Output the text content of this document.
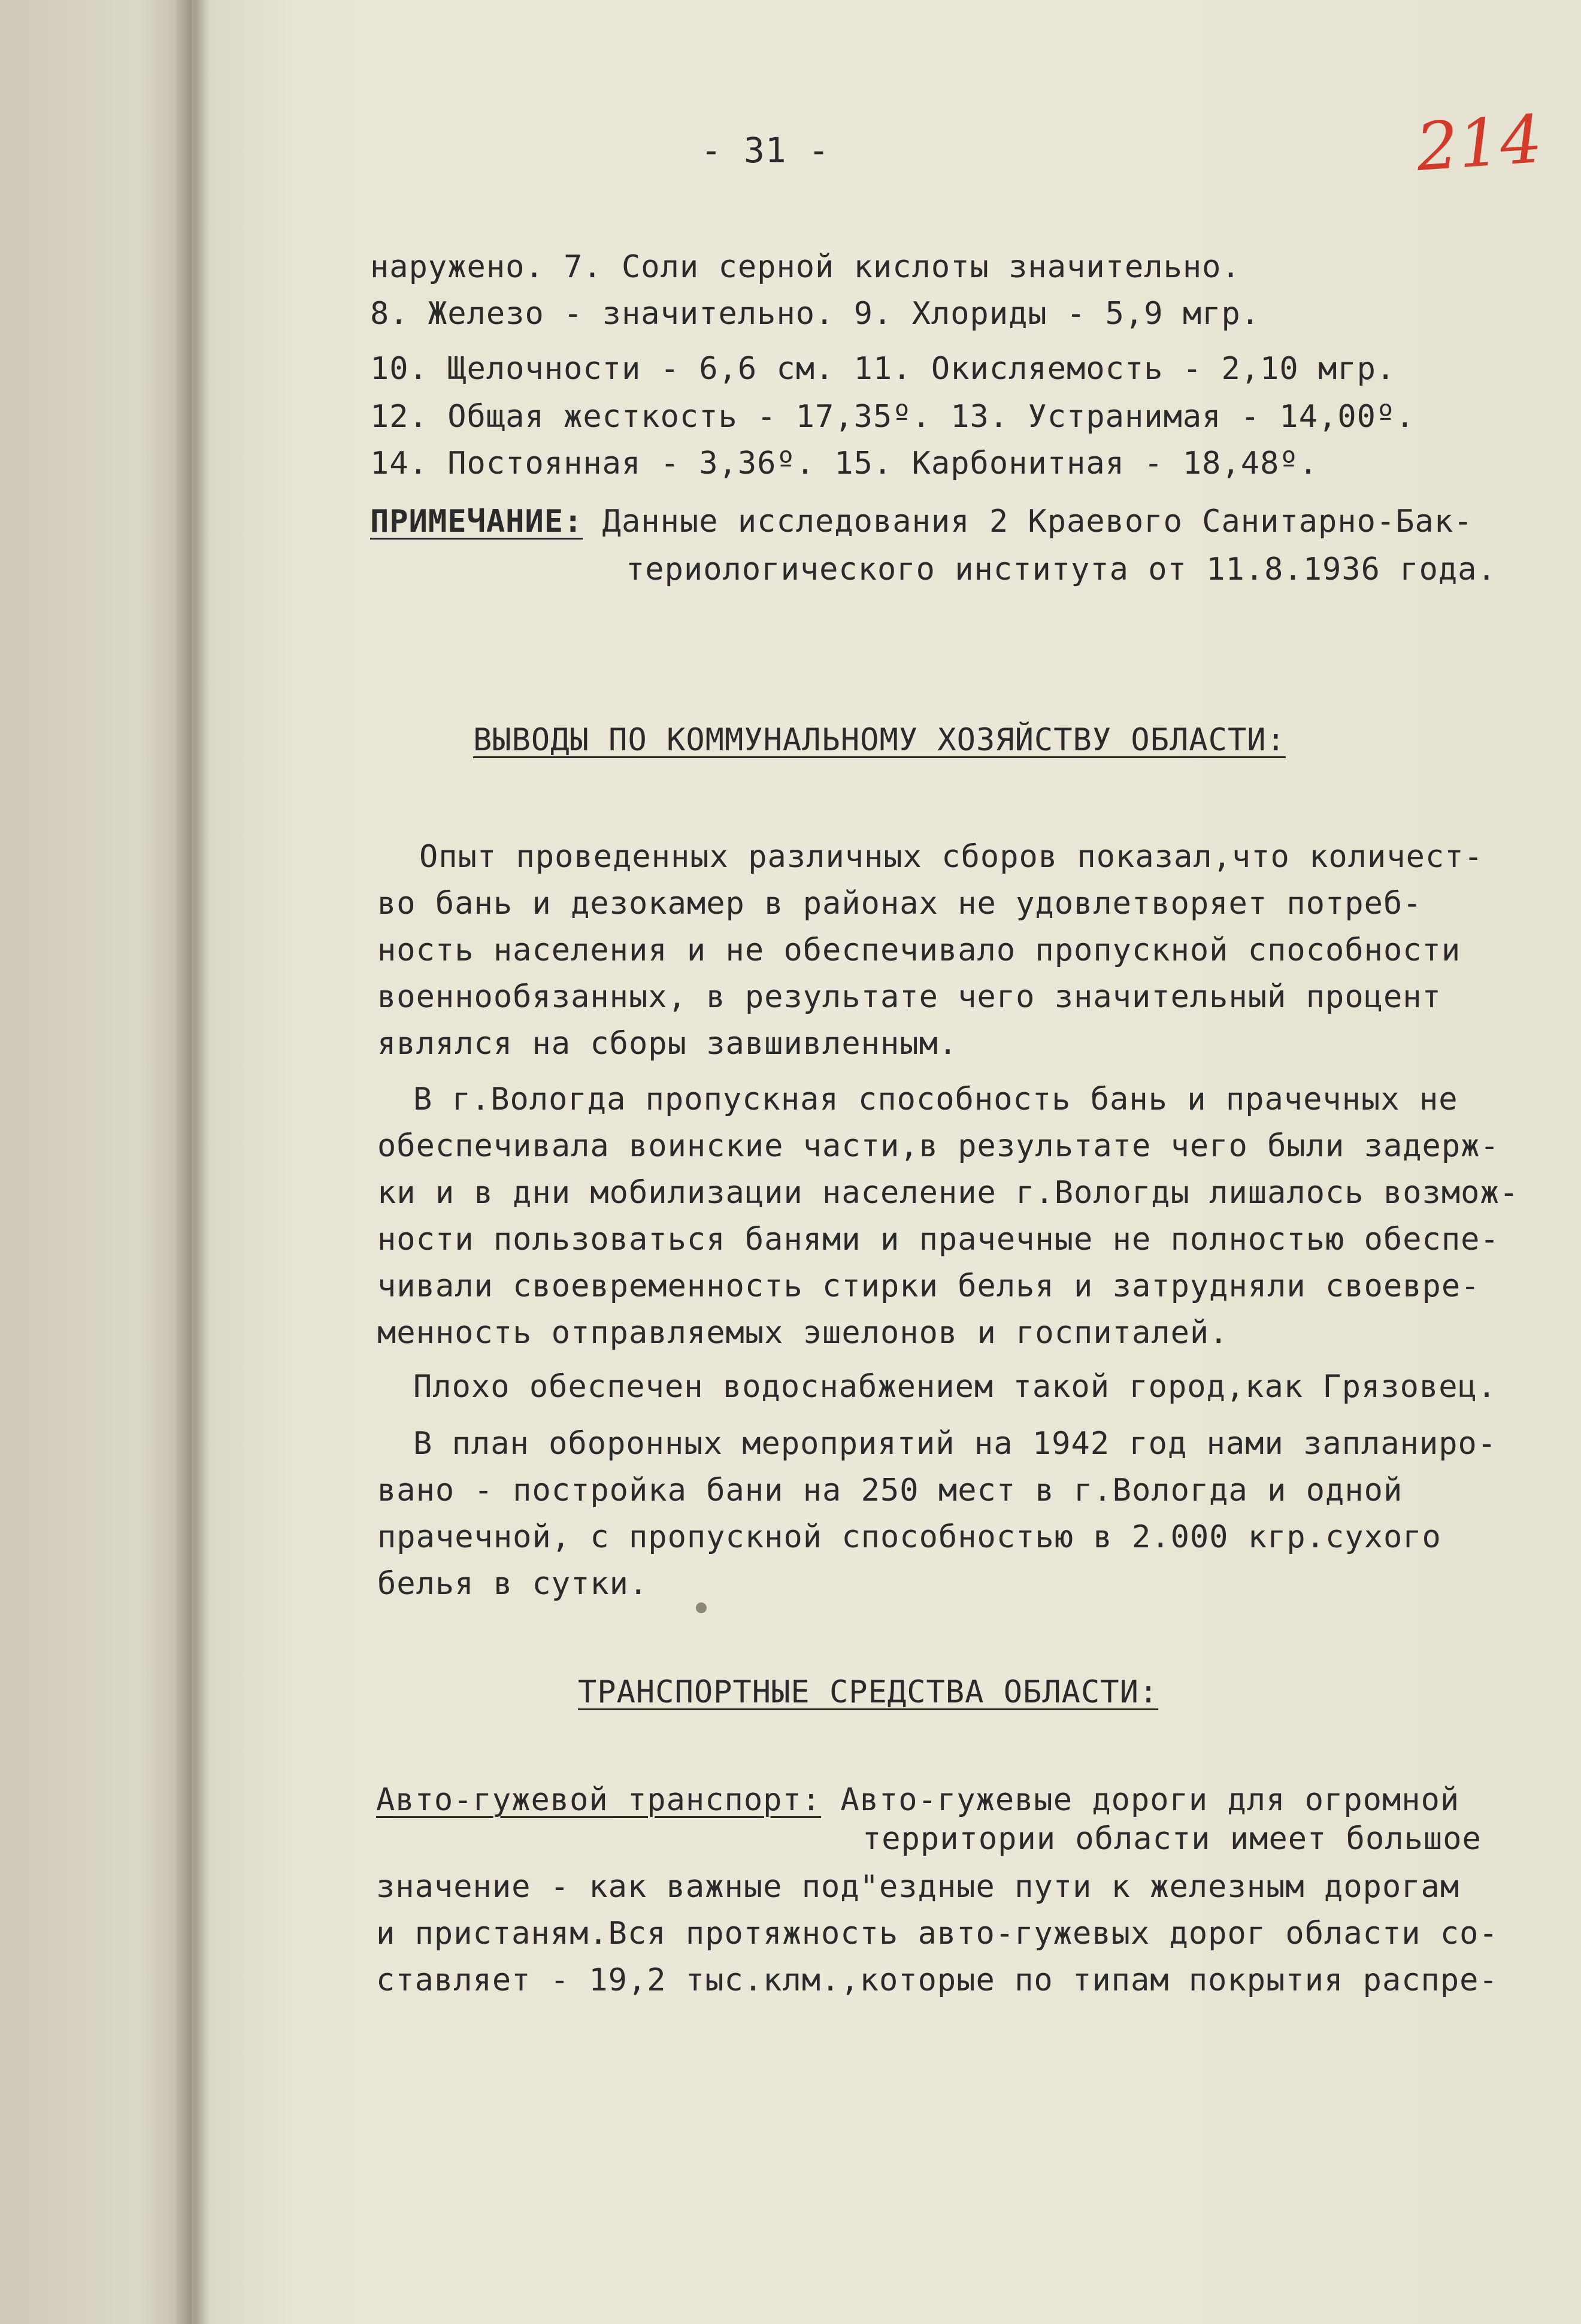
- 31 -	214
наружено. 7. Соли серной кислоты значительно.
8. Железо - значительно. 9. Хлориды - 5,9 мгр.
10. Щелочности - 6,6 см. 11. Окисляемость - 2,10 мгр.
12. Общая жесткость - 17,35º. 13. Устранимая - 14,00º.
14. Постоянная - 3,36º. 15. Карбонитная - 18,48º.
ПРИМЕЧАНИЕ: Данные исследования 2 Краевого Санитарно-Бак-
териологического института от 11.8.1936 года.
ВЫВОДЫ ПО КОММУНАЛЬНОМУ ХОЗЯЙСТВУ ОБЛАСТИ:
Опыт проведенных различных сборов показал,что количест-
во бань и дезокамер в районах не удовлетворяет потреб-
ность населения и не обеспечивало пропускной способности
военнообязанных, в результате чего значительный процент
являлся на сборы завшивленным.
В г.Вологда пропускная способность бань и прачечных не
обеспечивала воинские части,в результате чего были задерж-
ки и в дни мобилизации население г.Вологды лишалось возмож-
ности пользоваться банями и прачечные не полностью обеспе-
чивали своевременность стирки белья и затрудняли своевре-
менность отправляемых эшелонов и госпиталей.
Плохо обеспечен водоснабжением такой город,как Грязовец.
В план оборонных мероприятий на 1942 год нами запланиро-
вано - постройка бани на 250 мест в г.Вологда и одной
прачечной, с пропускной способностью в 2.000 кгр.сухого
белья в сутки.
ТРАНСПОРТНЫЕ СРЕДСТВА ОБЛАСТИ:
Авто-гужевой транспорт: Авто-гужевые дороги для огромной
территории области имеет большое
значение - как важные под"ездные пути к железным дорогам
и пристаням.Вся протяжность авто-гужевых дорог области со-
ставляет - 19,2 тыс.клм.,которые по типам покрытия распре-
